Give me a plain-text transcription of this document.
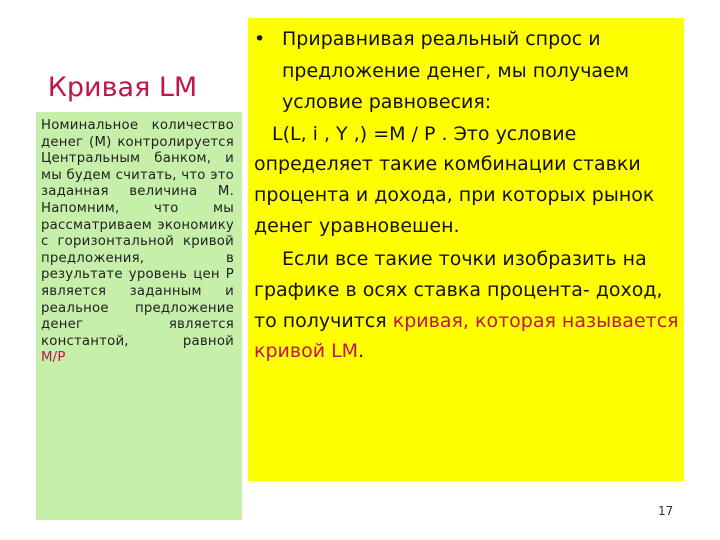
Кривая LM
Номинальное количество денег (М) контролируется Центральным банком, и мы будем считать, что это заданная величина М. Напомним, что мы рассматриваем экономику с горизонтальной кривой предложения, в результате уровень цен Р является заданным и реальное предложение денег является константой, равной
М/Р
• Приравнивая реальный спрос и
предложение денег, мы получаем
условие равновесия:
L(L, i , Y ,) =M / P . Это условие
определяет такие комбинации ставки
процента и дохода, при которых рынок
денег уравновешен.
Если все такие точки изобразить на
графике в осях ставка процента- доход,
то получится кривая, которая называется
кривой LM.
17
